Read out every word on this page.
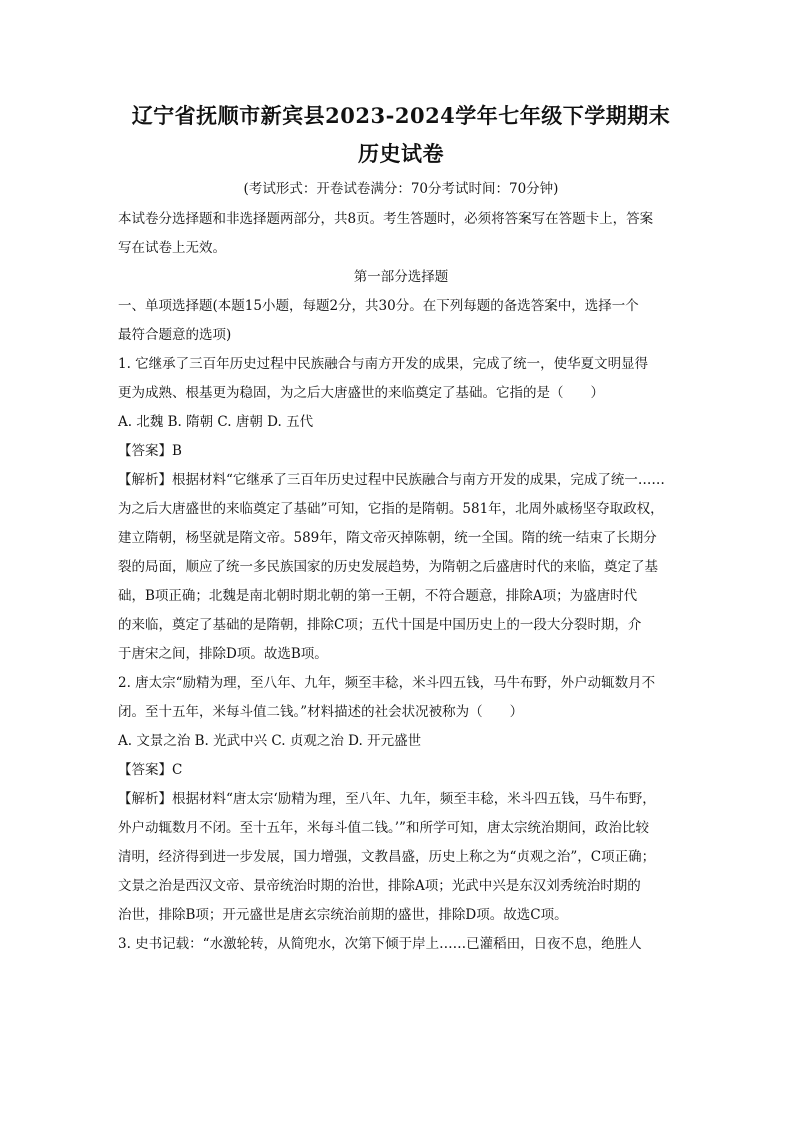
辽宁省抚顺市新宾县2023-2024学年七年级下学期期末
历史试卷
(考试形式：开卷试卷满分：70分考试时间：70分钟)

本试卷分选择题和非选择题两部分，共8页。考生答题时，必须将答案写在答题卡上，答案

写在试卷上无效。

第一部分选择题

一、单项选择题(本题15小题，每题2分，共30分。在下列每题的备选答案中，选择一个

最符合题意的选项)

1. 它继承了三百年历史过程中民族融合与南方开发的成果，完成了统一，使华夏文明显得

更为成熟、根基更为稳固，为之后大唐盛世的来临奠定了基础。它指的是（　　）

A. 北魏 B. 隋朝 C. 唐朝 D. 五代

【答案】B

【解析】根据材料“它继承了三百年历史过程中民族融合与南方开发的成果，完成了统一……

为之后大唐盛世的来临奠定了基础”可知，它指的是隋朝。581年，北周外戚杨坚夺取政权，

建立隋朝，杨坚就是隋文帝。589年，隋文帝灭掉陈朝，统一全国。隋的统一结束了长期分

裂的局面，顺应了统一多民族国家的历史发展趋势，为隋朝之后盛唐时代的来临，奠定了基

础，B项正确；北魏是南北朝时期北朝的第一王朝，不符合题意，排除A项；为盛唐时代

的来临，奠定了基础的是隋朝，排除C项；五代十国是中国历史上的一段大分裂时期，介

于唐宋之间，排除D项。故选B项。

2. 唐太宗“励精为理，至八年、九年，频至丰稔，米斗四五钱，马牛布野，外户动辄数月不

闭。至十五年，米每斗值二钱。”材料描述的社会状况被称为（　　）

A. 文景之治 B. 光武中兴 C. 贞观之治 D. 开元盛世

【答案】C

【解析】根据材料“唐太宗‘励精为理，至八年、九年，频至丰稔，米斗四五钱，马牛布野，

外户动辄数月不闭。至十五年，米每斗值二钱。’”和所学可知，唐太宗统治期间，政治比较

清明，经济得到进一步发展，国力增强，文教昌盛，历史上称之为“贞观之治”，C项正确；

文景之治是西汉文帝、景帝统治时期的治世，排除A项；光武中兴是东汉刘秀统治时期的

治世，排除B项；开元盛世是唐玄宗统治前期的盛世，排除D项。故选C项。

3. 史书记载：“水激轮转，从简兜水，次第下倾于岸上……已灌稻田，日夜不息，绝胜人
